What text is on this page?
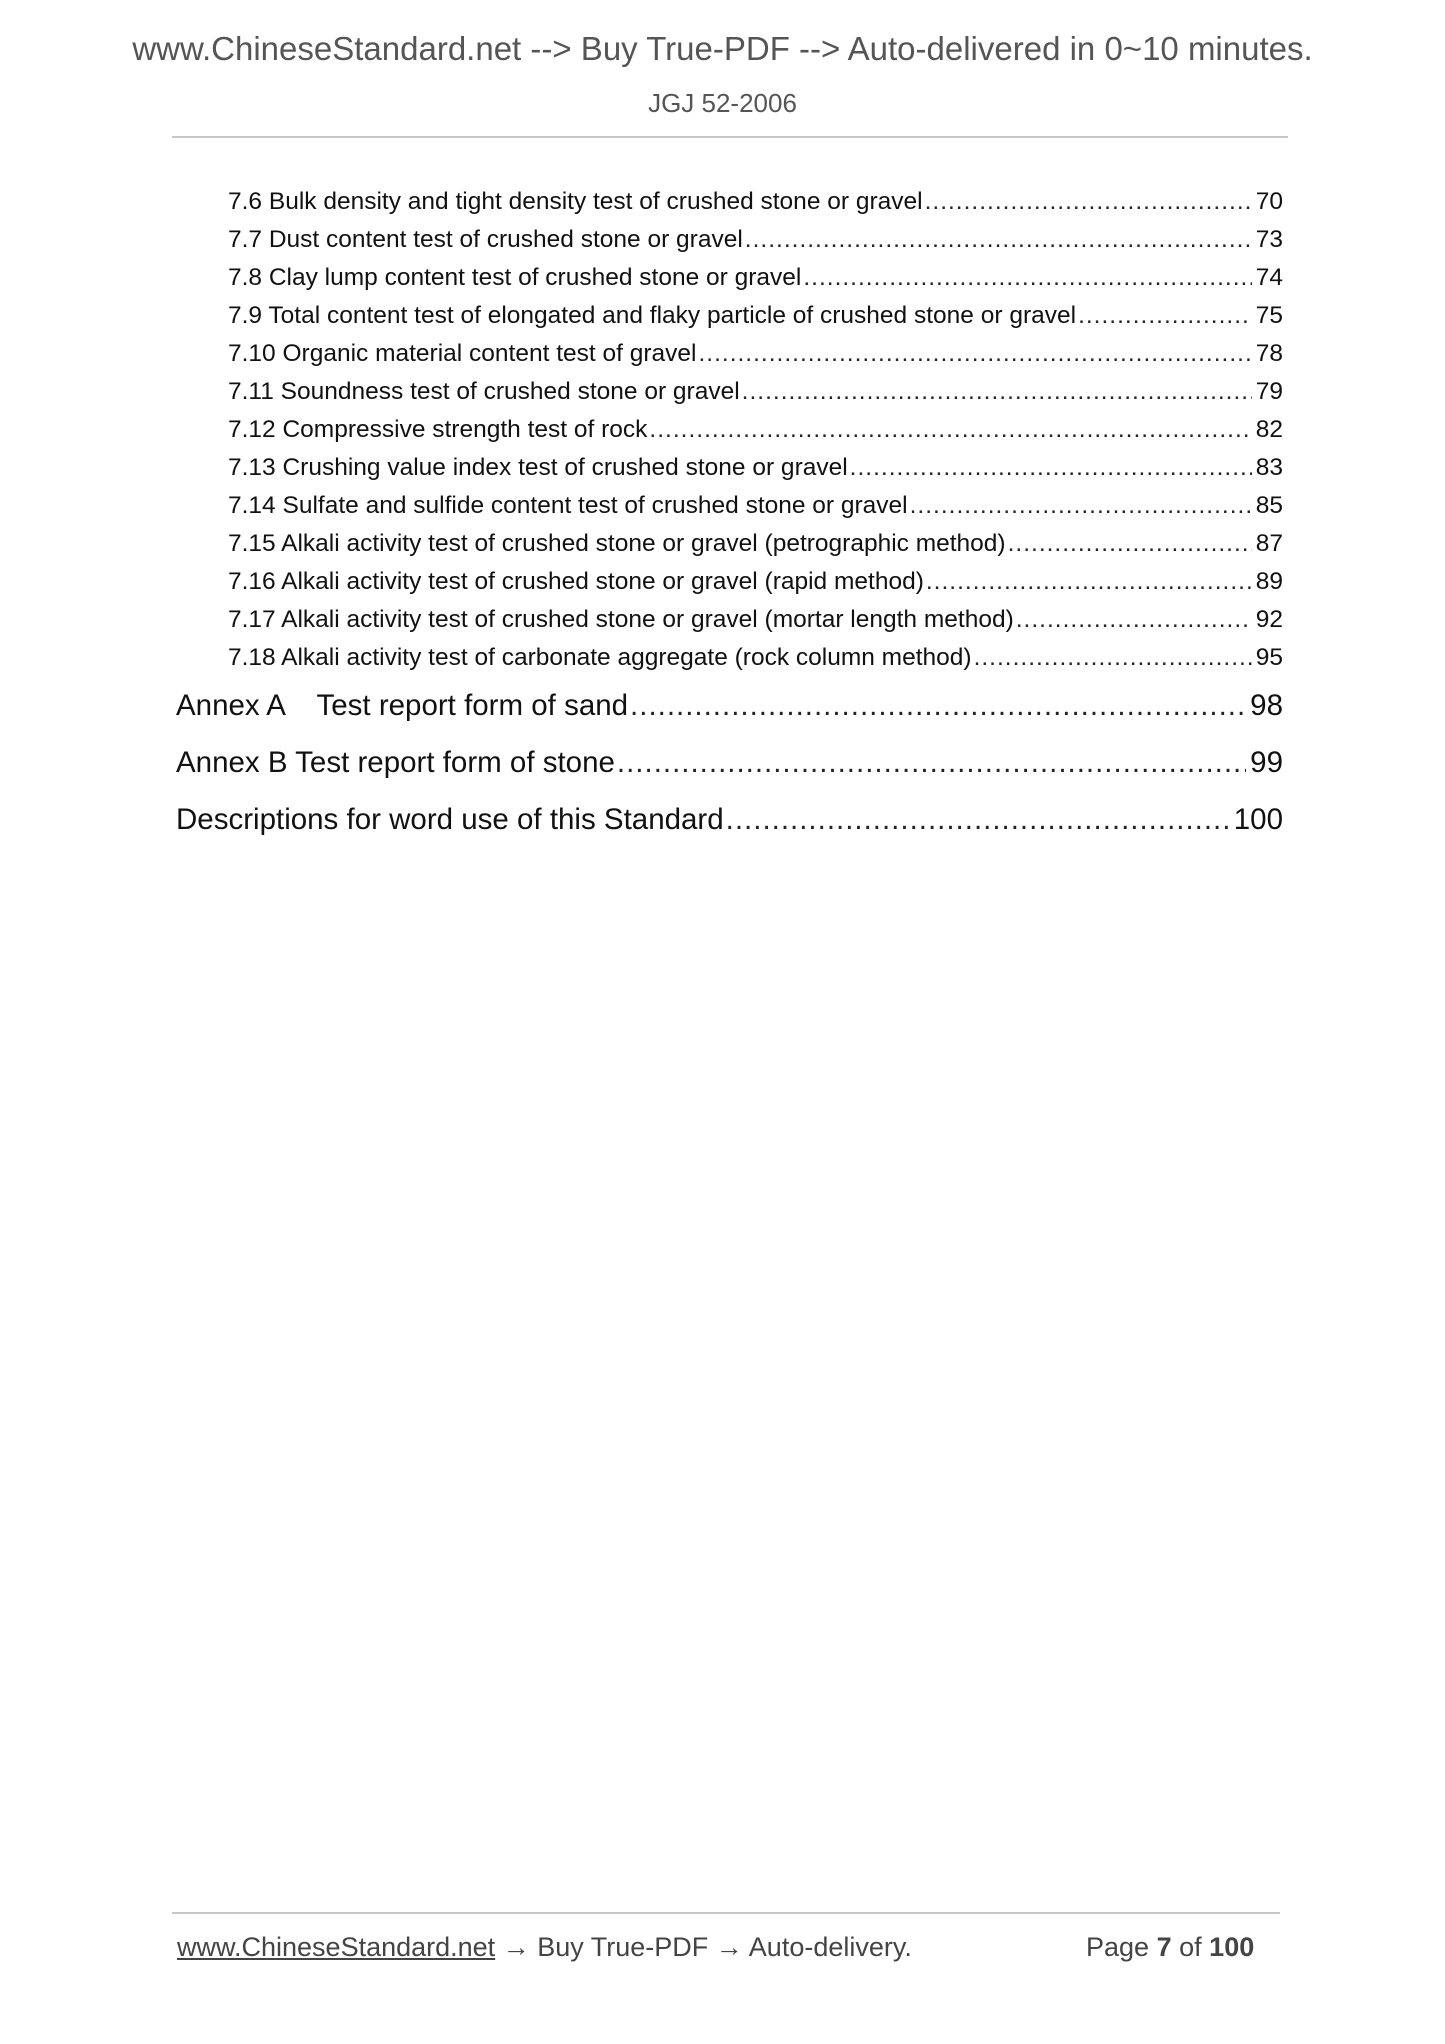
www.ChineseStandard.net --> Buy True-PDF --> Auto-delivered in 0~10 minutes.
JGJ 52-2006
7.6 Bulk density and tight density test of crushed stone or gravel .....	70
7.7 Dust content test of crushed stone or gravel .....	73
7.8 Clay lump content test of crushed stone or gravel .....	74
7.9 Total content test of elongated and flaky particle of crushed stone or gravel .....	75
7.10 Organic material content test of gravel .....	78
7.11 Soundness test of crushed stone or gravel .....	79
7.12 Compressive strength test of rock .....	82
7.13 Crushing value index test of crushed stone or gravel .....	83
7.14 Sulfate and sulfide content test of crushed stone or gravel .....	85
7.15 Alkali activity test of crushed stone or gravel (petrographic method) .....	87
7.16 Alkali activity test of crushed stone or gravel (rapid method) .....	89
7.17 Alkali activity test of crushed stone or gravel (mortar length method) .....	92
7.18 Alkali activity test of carbonate aggregate (rock column method) .....	95
Annex A    Test report form of sand .....	98
Annex B Test report form of stone .....	99
Descriptions for word use of this Standard .....	100
www.ChineseStandard.net → Buy True-PDF → Auto-delivery.	Page 7 of 100
